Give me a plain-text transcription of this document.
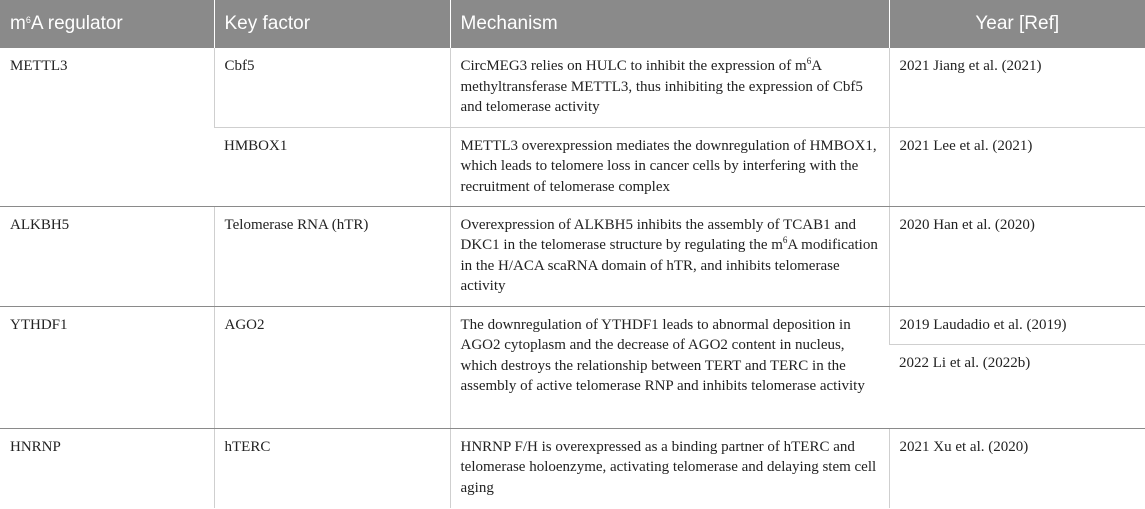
$m^6A$ regulator	Key factor	Mechanism	Year [Ref]
METTL3	Cbf5	CircMEG3 relies on HULC to inhibit the expression of $m^6A$ methyltransferase METTL3, thus inhibiting the expression of Cbf5 and telomerase activity	2021 Jiang et al. (2021)
	HMBOX1	METTL3 overexpression mediates the downregulation of HMBOX1, which leads to telomere loss in cancer cells by interfering with the recruitment of telomerase complex	2021 Lee et al. (2021)
ALKBH5	Telomerase RNA (hTR)	Overexpression of ALKBH5 inhibits the assembly of TCAB1 and DKC1 in the telomerase structure by regulating the $m^6A$ modification in the H/ACA scaRNA domain of hTR, and inhibits telomerase activity	2020 Han et al. (2020)
YTHDF1	AGO2	The downregulation of YTHDF1 leads to abnormal deposition in AGO2 cytoplasm and the decrease of AGO2 content in nucleus, which destroys the relationship between TERT and TERC in the assembly of active telomerase RNP and inhibits telomerase activity	2019 Laudadio et al. (2019)
			2022 Li et al. (2022b)
HNRNP	hTERC	HNRNP F/H is overexpressed as a binding partner of hTERC and telomerase holoenzyme, activating telomerase and delaying stem cell aging	2021 Xu et al. (2020)
